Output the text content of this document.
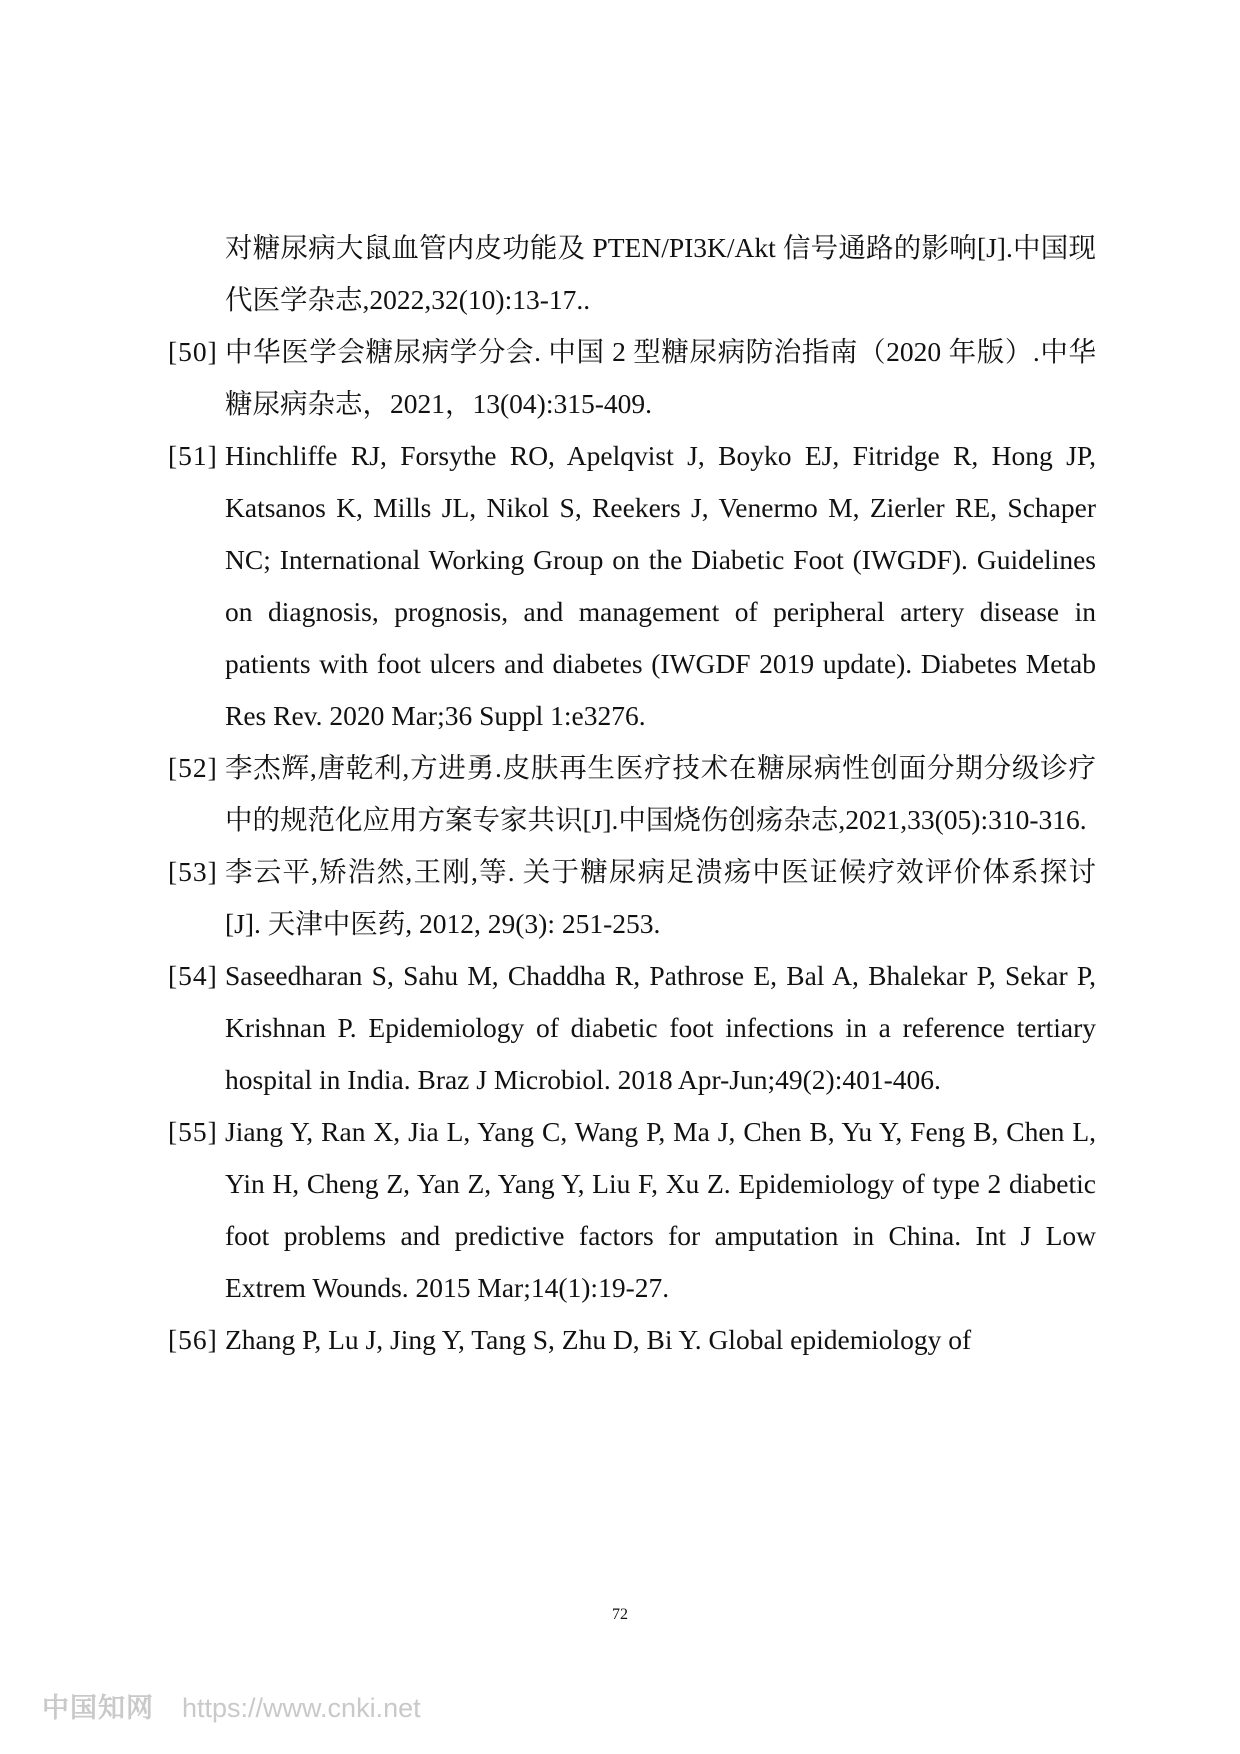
对糖尿病大鼠血管内皮功能及 PTEN/PI3K/Akt 信号通路的影响[J].中国现代医学杂志,2022,32(10):13-17..
[50] 中华医学会糖尿病学分会. 中国 2 型糖尿病防治指南（2020 年版）.中华糖尿病杂志，2021，13(04):315-409.
[51] Hinchliffe RJ, Forsythe RO, Apelqvist J, Boyko EJ, Fitridge R, Hong JP, Katsanos K, Mills JL, Nikol S, Reekers J, Venermo M, Zierler RE, Schaper NC; International Working Group on the Diabetic Foot (IWGDF). Guidelines on diagnosis, prognosis, and management of peripheral artery disease in patients with foot ulcers and diabetes (IWGDF 2019 update). Diabetes Metab Res Rev. 2020 Mar;36 Suppl 1:e3276.
[52] 李杰辉,唐乾利,方进勇.皮肤再生医疗技术在糖尿病性创面分期分级诊疗中的规范化应用方案专家共识[J].中国烧伤创疡杂志,2021,33(05):310-316.
[53] 李云平,矫浩然,王刚,等. 关于糖尿病足溃疡中医证候疗效评价体系探讨 [J]. 天津中医药, 2012, 29(3): 251-253.
[54] Saseedharan S, Sahu M, Chaddha R, Pathrose E, Bal A, Bhalekar P, Sekar P, Krishnan P. Epidemiology of diabetic foot infections in a reference tertiary hospital in India. Braz J Microbiol. 2018 Apr-Jun;49(2):401-406.
[55] Jiang Y, Ran X, Jia L, Yang C, Wang P, Ma J, Chen B, Yu Y, Feng B, Chen L, Yin H, Cheng Z, Yan Z, Yang Y, Liu F, Xu Z. Epidemiology of type 2 diabetic foot problems and predictive factors for amputation in China. Int J Low Extrem Wounds. 2015 Mar;14(1):19-27.
[56] Zhang P, Lu J, Jing Y, Tang S, Zhu D, Bi Y. Global epidemiology of
72
中国知网 https://www.cnki.net
